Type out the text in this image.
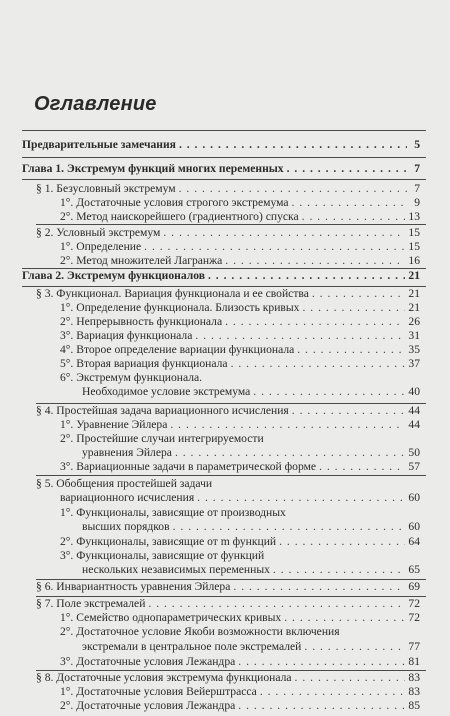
Оглавление
Предварительные замечания . . .	5
Глава 1. Экстремум функций многих переменных . . .	7
§ 1. Безусловный экстремум . . .	7
1°. Достаточные условия строгого экстремума . . .	9
2°. Метод наискорейшего (градиентного) спуска . . .	13
§ 2. Условный экстремум . . .	15
1°. Определение . . .	15
2°. Метод множителей Лагранжа . . .	16
Глава 2. Экстремум функционалов . . .	21
§ 3. Функционал. Вариация функционала и ее свойства . . .	21
1°. Определение функционала. Близость кривых . . .	21
2°. Непрерывность функционала . . .	26
3°. Вариация функционала . . .	31
4°. Второе определение вариации функционала . . .	35
5°. Вторая вариация функционала . . .	37
6°. Экстремум функционала.
Необходимое условие экстремума . . .	40
§ 4. Простейшая задача вариационного исчисления . . .	44
1°. Уравнение Эйлера . . .	44
2°. Простейшие случаи интегрируемости
уравнения Эйлера . . .	50
3°. Вариационные задачи в параметрической форме . . .	57
§ 5. Обобщения простейшей задачи
вариационного исчисления . . .	60
1°. Функционалы, зависящие от производных
высших порядков . . .	60
2°. Функционалы, зависящие от m функций . . .	64
3°. Функционалы, зависящие от функций
нескольких независимых переменных . . .	65
§ 6. Инвариантность уравнения Эйлера . . .	69
§ 7. Поле экстремалей . . .	72
1°. Семейство однопараметрических кривых . . .	72
2°. Достаточное условие Якоби возможности включения
экстремали в центральное поле экстремалей . . .	77
3°. Достаточные условия Лежандра . . .	81
§ 8. Достаточные условия экстремума функционала . . .	83
1°. Достаточные условия Вейерштрасса . . .	83
2°. Достаточные условия Лежандра . . .	85
